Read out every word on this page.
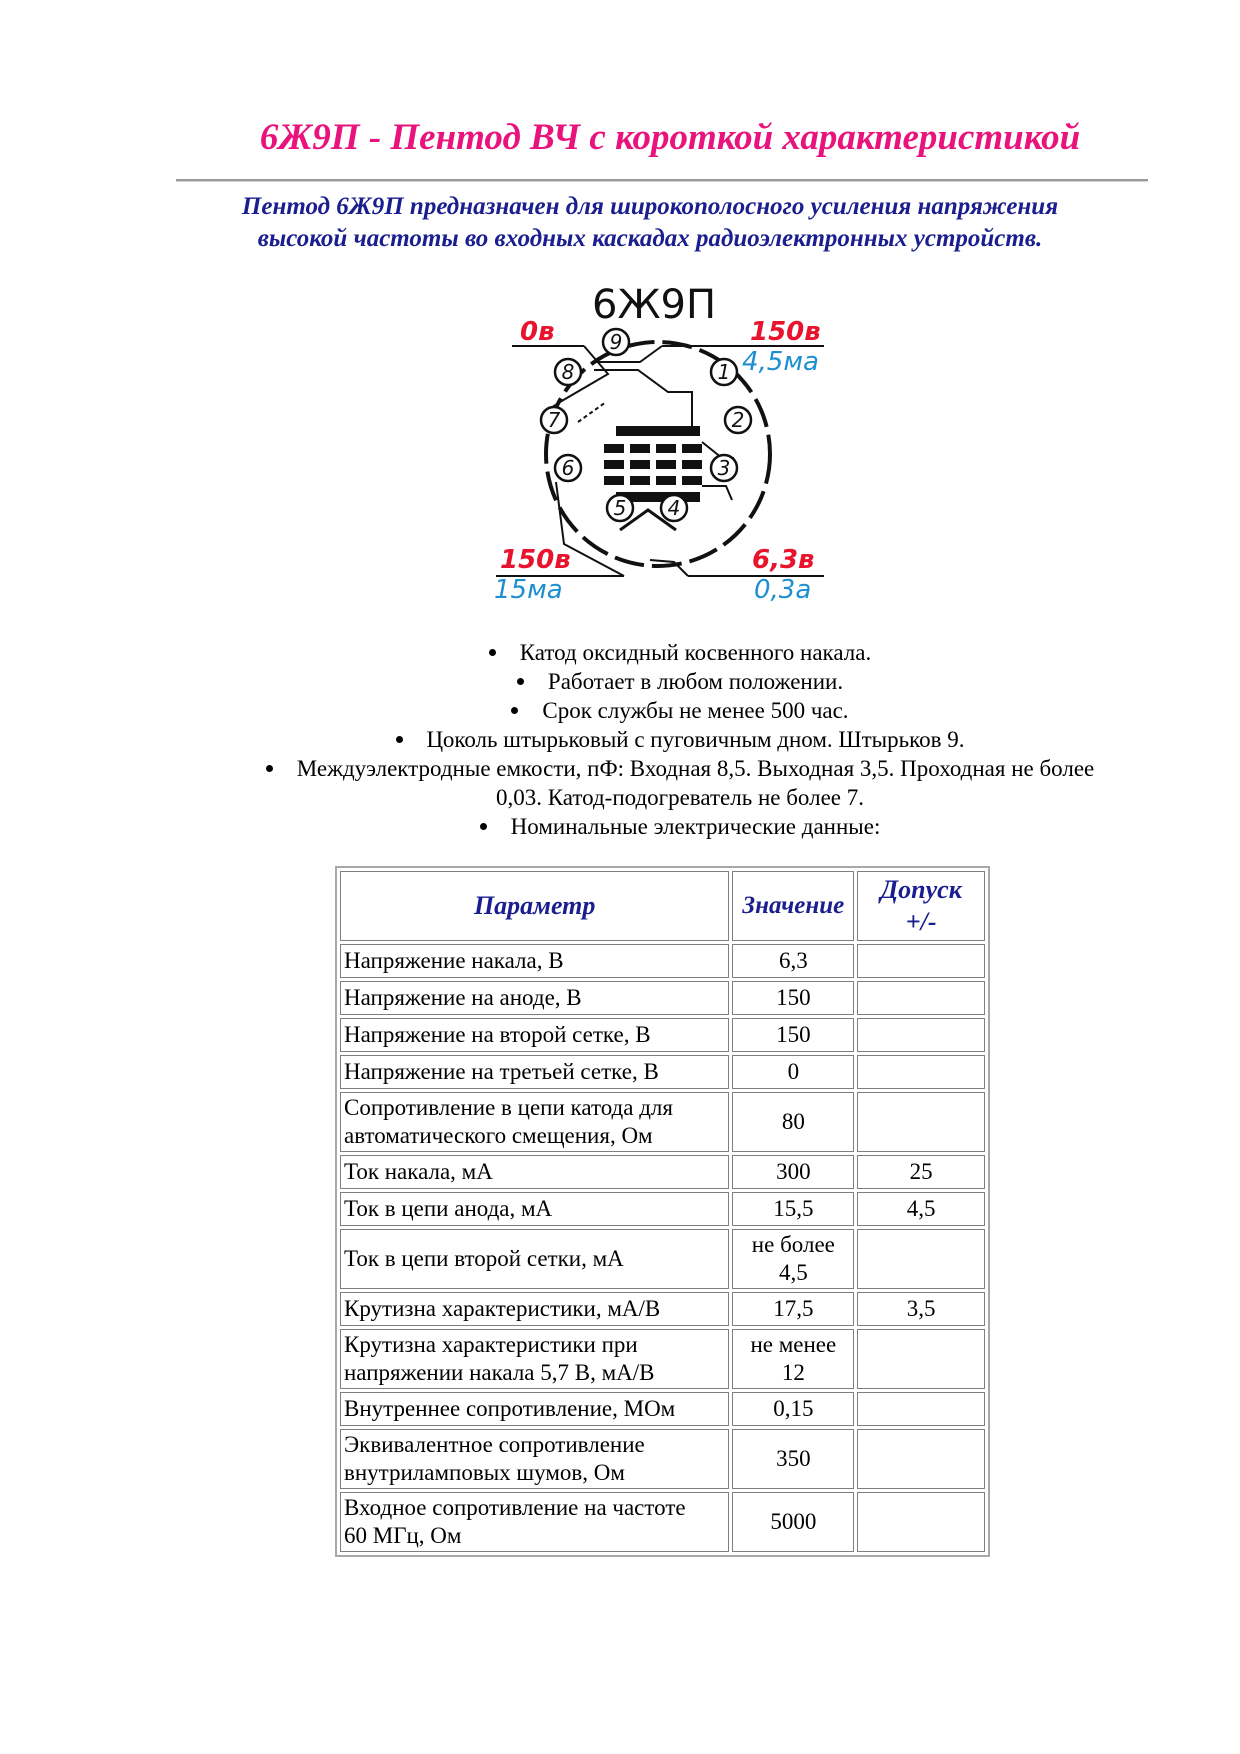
6Ж9П - Пентод ВЧ с короткой характеристикой

Пентод 6Ж9П предназначен для широкополосного усиления напряжения
высокой частоты во входных каскадах радиоэлектронных устройств.

6Ж9П
0в	150в
4,5ма
150в
15ма
6,3в
0,3а
9
8
7
6
5 4
3
2
1
Катод оксидный косвенного накала.
Работает в любом положении.
Срок службы не менее 500 час.
Цоколь штырьковый с пуговичным дном. Штырьков 9.
Междуэлектродные емкости, пФ: Входная 8,5. Выходная 3,5. Проходная не более
0,03. Катод-подогреватель не более 7.
Номинальные электрические данные:
Параметр	Значение	Допуск
+/-
Напряжение накала, В	6,3	
Напряжение на аноде, В	150	
Напряжение на второй сетке, В	150	
Напряжение на третьей сетке, В	0	
Сопротивление в цепи катода для
автоматического смещения, Ом	80	
Ток накала, мА	300	25
Ток в цепи анода, мА	15,5	4,5
Ток в цепи второй сетки, мА	не более
4,5	
Крутизна характеристики, мА/В	17,5	3,5
Крутизна характеристики при
напряжении накала 5,7 В, мА/В	не менее
12	
Внутреннее сопротивление, МОм	0,15	
Эквивалентное сопротивление
внутриламповых шумов, Ом	350	
Входное сопротивление на частоте
60 МГц, Ом	5000	
